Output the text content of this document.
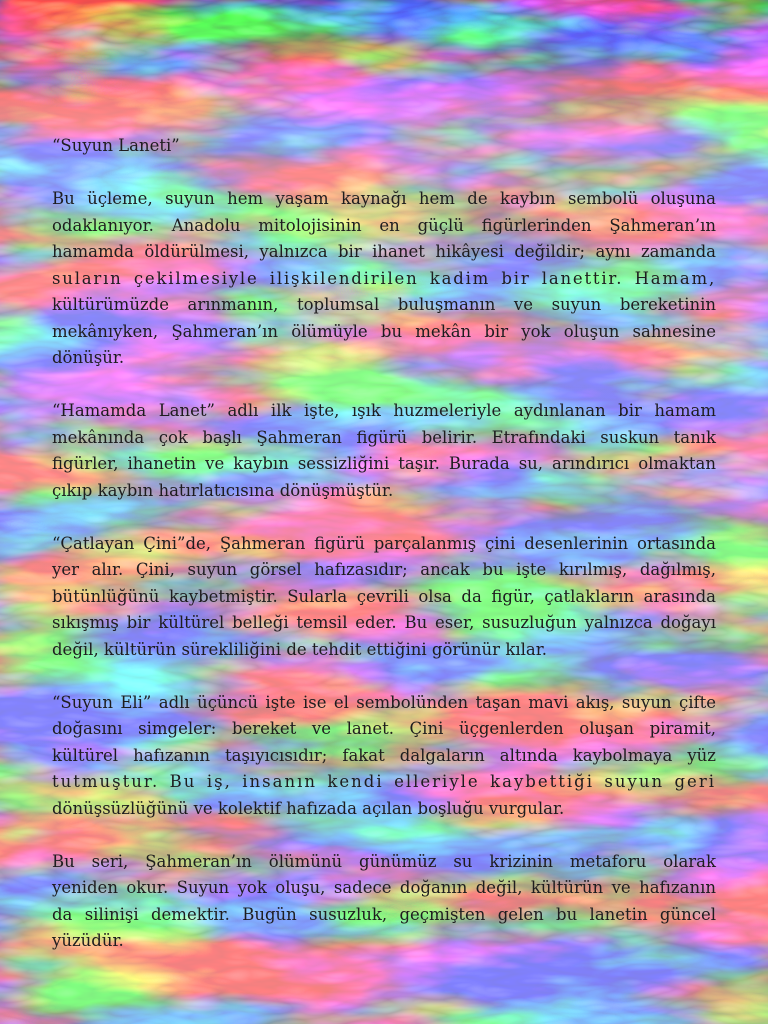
“Suyun Laneti”
Bu üçleme, suyun hem yaşam kaynağı hem de kaybın sembolü oluşuna
odaklanıyor. Anadolu mitolojisinin en güçlü figürlerinden Şahmeran’ın
hamamda öldürülmesi, yalnızca bir ihanet hikâyesi değildir; aynı zamanda
suların çekilmesiyle ilişkilendirilen kadim bir lanettir. Hamam,
kültürümüzde arınmanın, toplumsal buluşmanın ve suyun bereketinin
mekânıyken, Şahmeran’ın ölümüyle bu mekân bir yok oluşun sahnesine
dönüşür.
“Hamamda Lanet” adlı ilk işte, ışık huzmeleriyle aydınlanan bir hamam
mekânında çok başlı Şahmeran figürü belirir. Etrafındaki suskun tanık
figürler, ihanetin ve kaybın sessizliğini taşır. Burada su, arındırıcı olmaktan
çıkıp kaybın hatırlatıcısına dönüşmüştür.
“Çatlayan Çini”de, Şahmeran figürü parçalanmış çini desenlerinin ortasında
yer alır. Çini, suyun görsel hafızasıdır; ancak bu işte kırılmış, dağılmış,
bütünlüğünü kaybetmiştir. Sularla çevrili olsa da figür, çatlakların arasında
sıkışmış bir kültürel belleği temsil eder. Bu eser, susuzluğun yalnızca doğayı
değil, kültürün sürekliliğini de tehdit ettiğini görünür kılar.
“Suyun Eli” adlı üçüncü işte ise el sembolünden taşan mavi akış, suyun çifte
doğasını simgeler: bereket ve lanet. Çini üçgenlerden oluşan piramit,
kültürel hafızanın taşıyıcısıdır; fakat dalgaların altında kaybolmaya yüz
tutmuştur. Bu iş, insanın kendi elleriyle kaybettiği suyun geri
dönüşsüzlüğünü ve kolektif hafızada açılan boşluğu vurgular.
Bu seri, Şahmeran’ın ölümünü günümüz su krizinin metaforu olarak
yeniden okur. Suyun yok oluşu, sadece doğanın değil, kültürün ve hafızanın
da silinişi demektir. Bugün susuzluk, geçmişten gelen bu lanetin güncel
yüzüdür.
